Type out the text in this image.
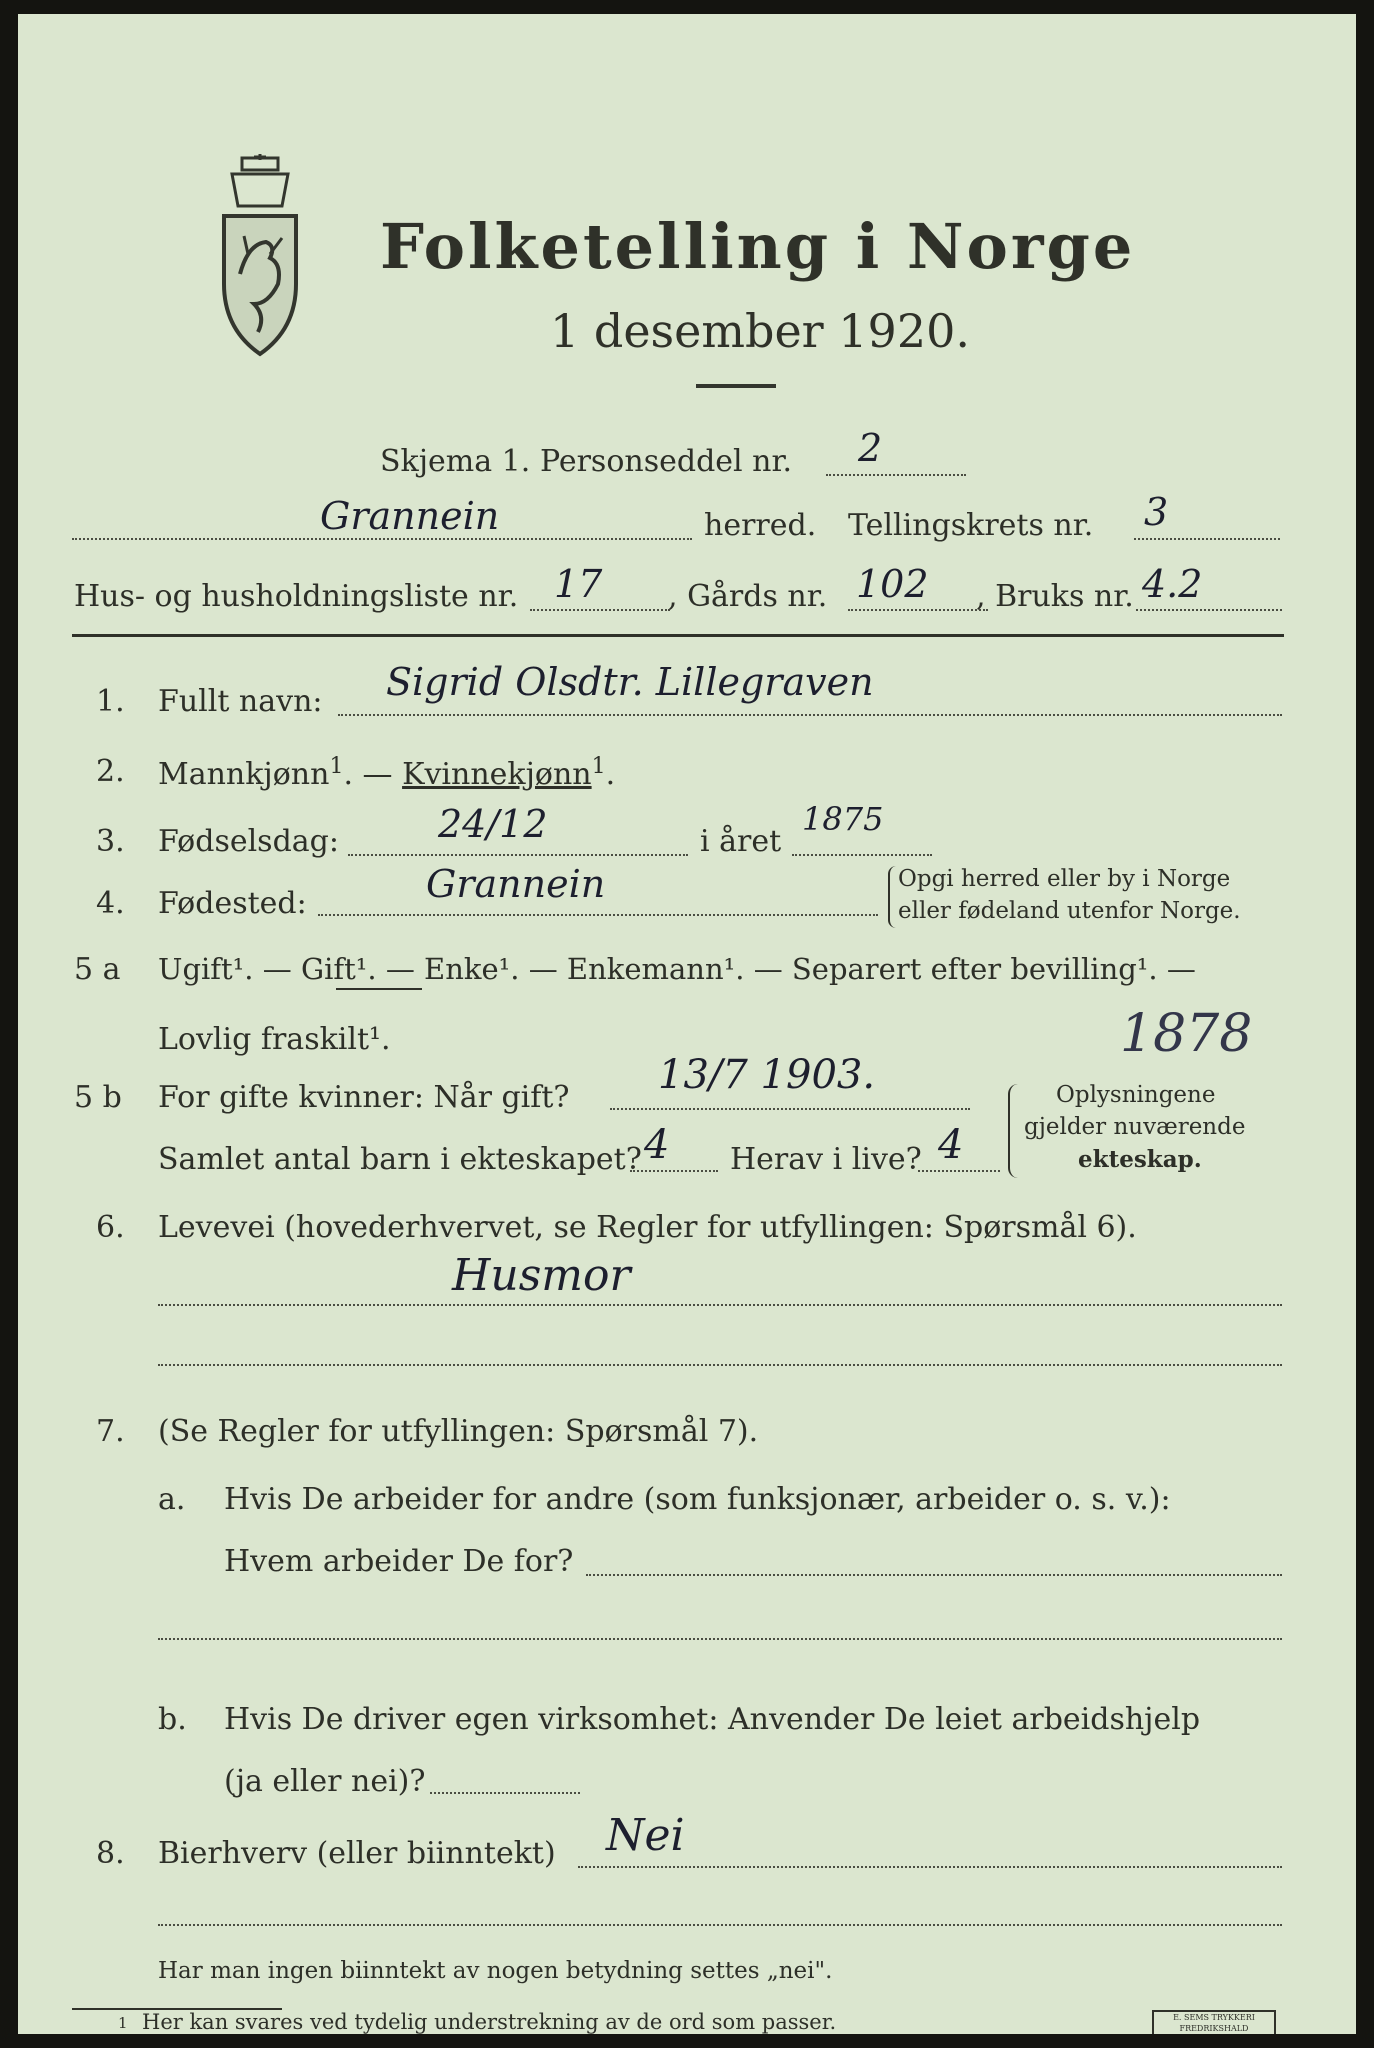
Folketelling i Norge
1 desember 1920.
Skjema 1. Personseddel nr. 2
Grannein	herred. Tellingskrets nr. 3
Hus- og husholdningsliste nr. 17 , Gårds nr. 102 , Bruks nr. 4.2
1. Fullt navn: Sigrid Olsdtr. Lillegraven
2. Mannkjønn$^1$. — Kvinnekjønn$^1$.
3. Fødselsdag:	24/12	i året
1875
4. Fødested:	Grannein	Opgi herred eller by i Norge
eller fødeland utenfor Norge.
5 a Ugift¹. — Gift¹. — Enke¹. — Enkemann¹. — Separert efter bevilling¹. —
Lovlig fraskilt¹.	1878
5 b For gifte kvinner: Når gift? 13/7 1903.
Samlet antal barn i ekteskapet? 4 Herav i live? 4
Oplysningene
gjelder nuværende
ekteskap.
6. Levevei (hovederhvervet, se Regler for utfyllingen: Spørsmål 6).
Husmor
7. (Se Regler for utfyllingen: Spørsmål 7).
a. Hvis De arbeider for andre (som funksjonær, arbeider o. s. v.):
Hvem arbeider De for?
b. Hvis De driver egen virksomhet: Anvender De leiet arbeidshjelp
(ja eller nei)?
8. Bierhverv (eller biinntekt) Nei
Har man ingen biinntekt av nogen betydning settes „nei".
1 Her kan svares ved tydelig understrekning av de ord som passer.	E. SEMS TRYKKERI FREDRIKSHALD
